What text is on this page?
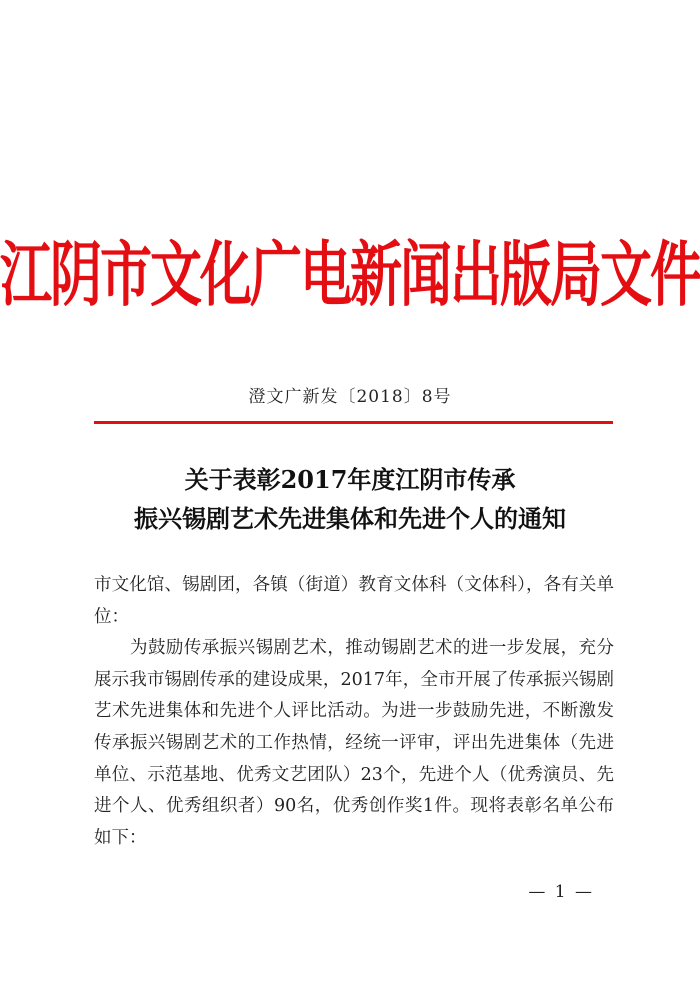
江阴市文化广电新闻出版局文件
澄文广新发〔2018〕8号
关于表彰2017年度江阴市传承
振兴锡剧艺术先进集体和先进个人的通知

市文化馆、锡剧团，各镇（街道）教育文体科（文体科），各有关单位：

为鼓励传承振兴锡剧艺术，推动锡剧艺术的进一步发展，充分展示我市锡剧传承的建设成果，2017年，全市开展了传承振兴锡剧艺术先进集体和先进个人评比活动。为进一步鼓励先进，不断激发传承振兴锡剧艺术的工作热情，经统一评审，评出先进集体（先进单位、示范基地、优秀文艺团队）23个，先进个人（优秀演员、先进个人、优秀组织者）90名，优秀创作奖1件。现将表彰名单公布如下：

— 1 —
